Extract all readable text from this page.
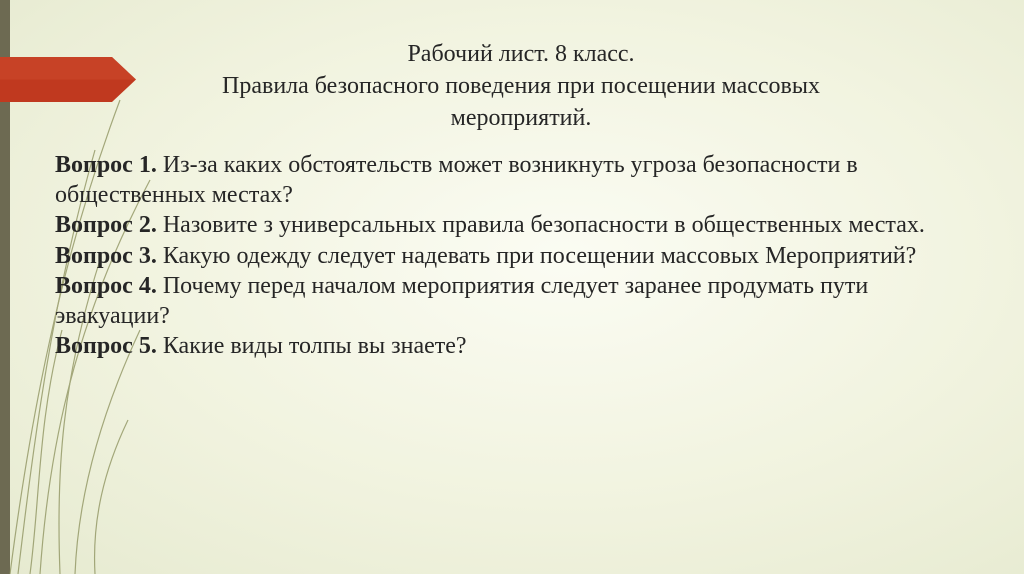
Рабочий лист. 8 класс.
Правила безопасного поведения при посещении массовых
мероприятий.

Вопрос 1. Из-за каких обстоятельств может возникнуть угроза безопасности в общественных местах?

Вопрос 2. Назовите з универсальных правила безопасности в общественных местах.

Вопрос 3. Какую одежду следует надевать при посещении массовых Мероприятий?

Вопрос 4. Почему перед началом мероприятия следует заранее продумать пути эвакуации?

Вопрос 5. Какие виды толпы вы знаете?
